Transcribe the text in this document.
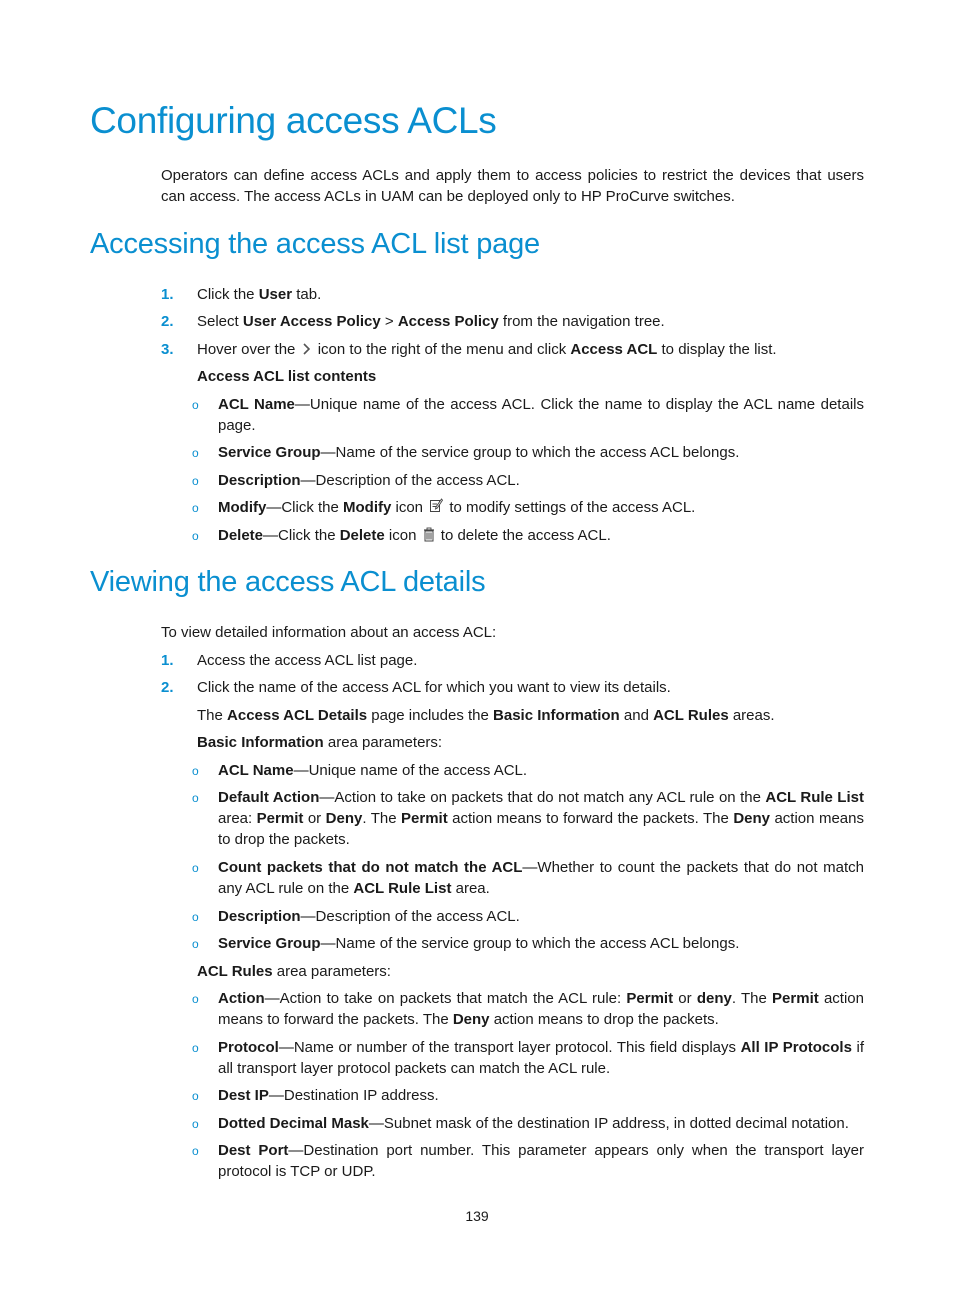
Configuring access ACLs

Operators can define access ACLs and apply them to access policies to restrict the devices that users can access. The access ACLs in UAM can be deployed only to HP ProCurve switches.

Accessing the access ACL list page
1. Click the User tab.

2. Select User Access Policy > Access Policy from the navigation tree.

3. Hover over the  icon to the right of the menu and click Access ACL to display the list.

Access ACL list contents

o ACL Name—Unique name of the access ACL. Click the name to display the ACL name details page.

o Service Group—Name of the service group to which the access ACL belongs.

o Description—Description of the access ACL.

o Modify—Click the Modify icon  to modify settings of the access ACL.

o Delete—Click the Delete icon  to delete the access ACL.

Viewing the access ACL details

To view detailed information about an access ACL:

1. Access the access ACL list page.

2. Click the name of the access ACL for which you want to view its details.

The Access ACL Details page includes the Basic Information and ACL Rules areas.

Basic Information area parameters:

o ACL Name—Unique name of the access ACL.

o Default Action—Action to take on packets that do not match any ACL rule on the ACL Rule List area: Permit or Deny. The Permit action means to forward the packets. The Deny action means to drop the packets.

o Count packets that do not match the ACL—Whether to count the packets that do not match any ACL rule on the ACL Rule List area.

o Description—Description of the access ACL.

o Service Group—Name of the service group to which the access ACL belongs.

ACL Rules area parameters:

o Action—Action to take on packets that match the ACL rule: Permit or deny. The Permit action means to forward the packets. The Deny action means to drop the packets.

o Protocol—Name or number of the transport layer protocol. This field displays All IP Protocols if all transport layer protocol packets can match the ACL rule.

o Dest IP—Destination IP address.

o Dotted Decimal Mask—Subnet mask of the destination IP address, in dotted decimal notation.

o Dest Port—Destination port number. This parameter appears only when the transport layer protocol is TCP or UDP.

139
